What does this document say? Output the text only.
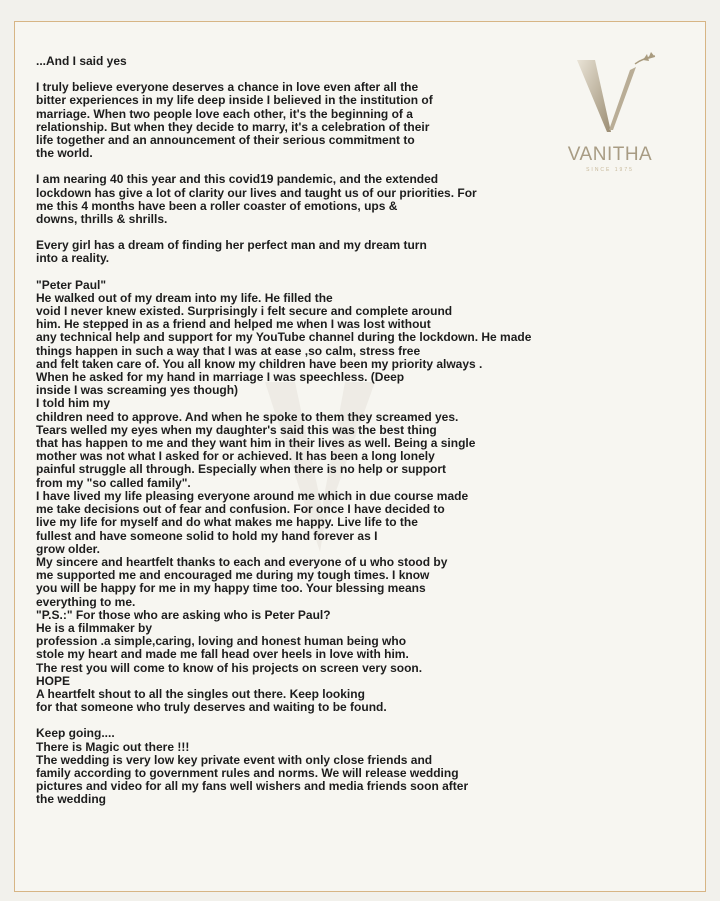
VANITHA
SINCE 1975

...And I said yes

I truly believe everyone deserves a chance in love even after all the
bitter experiences in my life deep inside I believed in the institution of
marriage. When two people love each other, it's the beginning of a
relationship. But when they decide to marry, it's a celebration of their
life together and an announcement of their serious commitment to
the world.

I am nearing 40 this year and this covid19 pandemic, and the extended
lockdown has give a lot of clarity our lives and taught us of our priorities. For
me this 4 months have been a roller coaster of emotions, ups &
downs, thrills & shrills.

Every girl has a dream of finding her perfect man and my dream turn
into a reality.

"Peter Paul"
He walked out of my dream into my life. He filled the
void I never knew existed. Surprisingly i felt secure and complete around
him. He stepped in as a friend and helped me when I was lost without
any technical help and support for my YouTube channel during the lockdown. He made
things happen in such a way that I was at ease ,so calm, stress free
and felt taken care of. You all know my children have been my priority always .
When he asked for my hand in marriage I was speechless. (Deep
inside I was screaming yes though)
I told him my
children need to approve. And when he spoke to them they screamed yes.
Tears welled my eyes when my daughter's said this was the best thing
that has happen to me and they want him in their lives as well. Being a single
mother was not what I asked for or achieved. It has been a long lonely
painful struggle all through. Especially when there is no help or support
from my "so called family".
I have lived my life pleasing everyone around me which in due course made
me take decisions out of fear and confusion. For once I have decided to
live my life for myself and do what makes me happy. Live life to the
fullest and have someone solid to hold my hand forever as I
grow older.
My sincere and heartfelt thanks to each and everyone of u who stood by
me supported me and encouraged me during my tough times. I know
you will be happy for me in my happy time too. Your blessing means
everything to me.
"P.S.:" For those who are asking who is Peter Paul?
He is a filmmaker by
profession .a simple,caring, loving and honest human being who
stole my heart and made me fall head over heels in love with him.
The rest you will come to know of his projects on screen very soon.
HOPE
A heartfelt shout to all the singles out there. Keep looking
for that someone who truly deserves and waiting to be found.

Keep going....
There is Magic out there !!!
The wedding is very low key private event with only close friends and
family according to government rules and norms. We will release wedding
pictures and video for all my fans well wishers and media friends soon after
the wedding
